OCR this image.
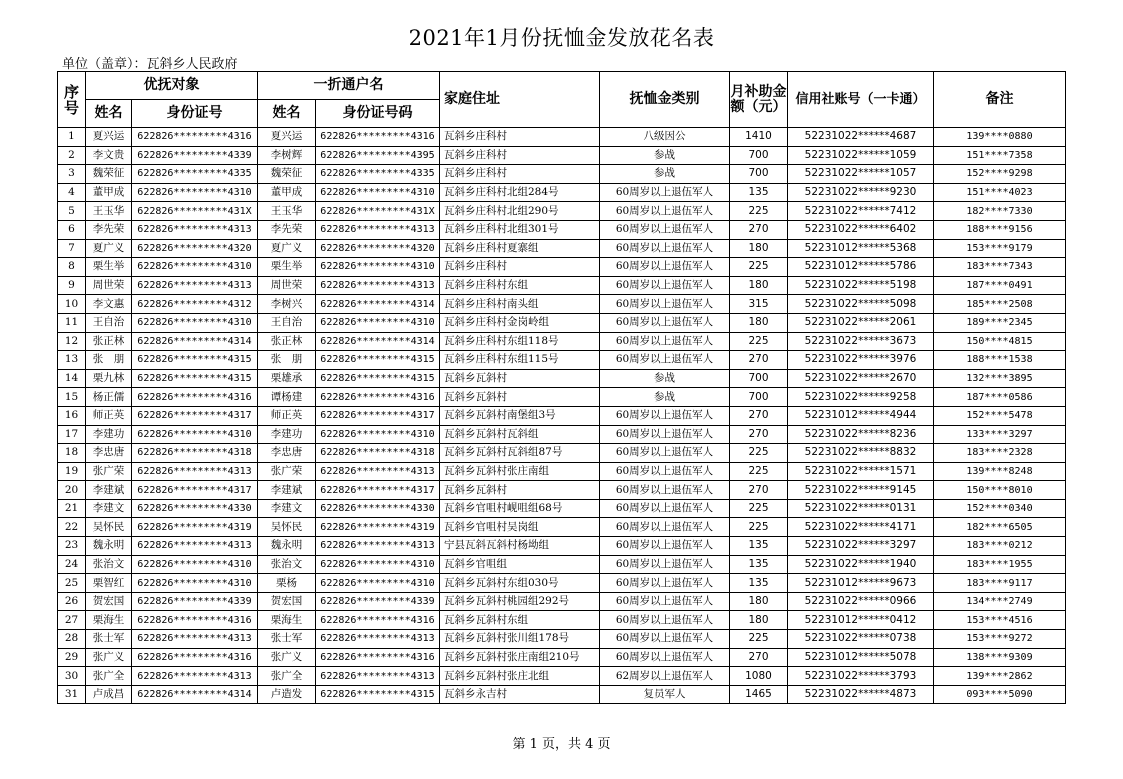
2021年1月份抚恤金发放花名表
单位（盖章）：瓦斜乡人民政府
序号	优抚对象		一折通户名		家庭住址	抚恤金类别	月补助金额（元）	信用社账号（一卡通）	备注
	姓名	身份证号	姓名	身份证号码					
1	夏兴运	622826*********4316	夏兴运	622826*********4316	瓦斜乡庄科村	八级因公	1410	52231022******4687	139****0880
2	李文贵	622826*********4339	李树辉	622826*********4395	瓦斜乡庄科村	参战	700	52231022******1059	151****7358
3	魏荣征	622826*********4335	魏荣征	622826*********4335	瓦斜乡庄科村	参战	700	52231022******1057	152****9298
4	董甲成	622826*********4310	董甲成	622826*********4310	瓦斜乡庄科村北组284号	60周岁以上退伍军人	135	52231022******9230	151****4023
5	王玉华	622826*********431X	王玉华	622826*********431X	瓦斜乡庄科村北组290号	60周岁以上退伍军人	225	52231022******7412	182****7330
6	李先荣	622826*********4313	李先荣	622826*********4313	瓦斜乡庄科村北组301号	60周岁以上退伍军人	270	52231022******6402	188****9156
7	夏广义	622826*********4320	夏广义	622826*********4320	瓦斜乡庄科村夏寨组	60周岁以上退伍军人	180	52231012******5368	153****9179
8	栗生举	622826*********4310	栗生举	622826*********4310	瓦斜乡庄科村	60周岁以上退伍军人	225	52231012******5786	183****7343
9	周世荣	622826*********4313	周世荣	622826*********4313	瓦斜乡庄科村东组	60周岁以上退伍军人	180	52231022******5198	187****0491
10	李文惠	622826*********4312	李树兴	622826*********4314	瓦斜乡庄科村南头组	60周岁以上退伍军人	315	52231022******5098	185****2508
11	王自治	622826*********4310	王自治	622826*********4310	瓦斜乡庄科村金岗岭组	60周岁以上退伍军人	180	52231022******2061	189****2345
12	张正林	622826*********4314	张正林	622826*********4314	瓦斜乡庄科村东组118号	60周岁以上退伍军人	225	52231022******3673	150****4815
13	张　朋	622826*********4315	张　朋	622826*********4315	瓦斜乡庄科村东组115号	60周岁以上退伍军人	270	52231022******3976	188****1538
14	栗九林	622826*********4315	栗雄承	622826*********4315	瓦斜乡瓦斜村	参战	700	52231022******2670	132****3895
15	杨正儒	622826*********4316	谭杨建	622826*********4316	瓦斜乡瓦斜村	参战	700	52231022******9258	187****0586
16	师正英	622826*********4317	师正英	622826*********4317	瓦斜乡瓦斜村南堡组3号	60周岁以上退伍军人	270	52231012******4944	152****5478
17	李建功	622826*********4310	李建功	622826*********4310	瓦斜乡瓦斜村瓦斜组	60周岁以上退伍军人	270	52231022******8236	133****3297
18	李忠唐	622826*********4318	李忠唐	622826*********4318	瓦斜乡瓦斜村瓦斜组87号	60周岁以上退伍军人	225	52231022******8832	183****2328
19	张广荣	622826*********4313	张广荣	622826*********4313	瓦斜乡瓦斜村张庄南组	60周岁以上退伍军人	225	52231022******1571	139****8248
20	李建斌	622826*********4317	李建斌	622826*********4317	瓦斜乡瓦斜村	60周岁以上退伍军人	270	52231022******9145	150****8010
21	李建文	622826*********4330	李建文	622826*********4330	瓦斜乡官咀村岘咀组68号	60周岁以上退伍军人	225	52231022******0131	152****0340
22	吴怀民	622826*********4319	吴怀民	622826*********4319	瓦斜乡官咀村吴岗组	60周岁以上退伍军人	225	52231022******4171	182****6505
23	魏永明	622826*********4313	魏永明	622826*********4313	宁县瓦斜瓦斜村杨坳组	60周岁以上退伍军人	135	52231022******3297	183****0212
24	张治文	622826*********4310	张治文	622826*********4310	瓦斜乡官咀组	60周岁以上退伍军人	135	52231022******1940	183****1955
25	栗智红	622826*********4310	栗杨	622826*********4310	瓦斜乡瓦斜村东组030号	60周岁以上退伍军人	135	52231012******9673	183****9117
26	贺宏国	622826*********4339	贺宏国	622826*********4339	瓦斜乡瓦斜村桃园组292号	60周岁以上退伍军人	180	52231022******0966	134****2749
27	栗海生	622826*********4316	栗海生	622826*********4316	瓦斜乡瓦斜村东组	60周岁以上退伍军人	180	52231012******0412	153****4516
28	张士军	622826*********4313	张士军	622826*********4313	瓦斜乡瓦斜村张川组178号	60周岁以上退伍军人	225	52231022******0738	153****9272
29	张广义	622826*********4316	张广义	622826*********4316	瓦斜乡瓦斜村张庄南组210号	60周岁以上退伍军人	270	52231012******5078	138****9309
30	张广全	622826*********4313	张广全	622826*********4313	瓦斜乡瓦斜村张庄北组	62周岁以上退伍军人	1080	52231022******3793	139****2862
31	卢成昌	622826*********4314	卢造发	622826*********4315	瓦斜乡永吉村	复员军人	1465	52231022******4873	093****5090
第 1 页，共 4 页
